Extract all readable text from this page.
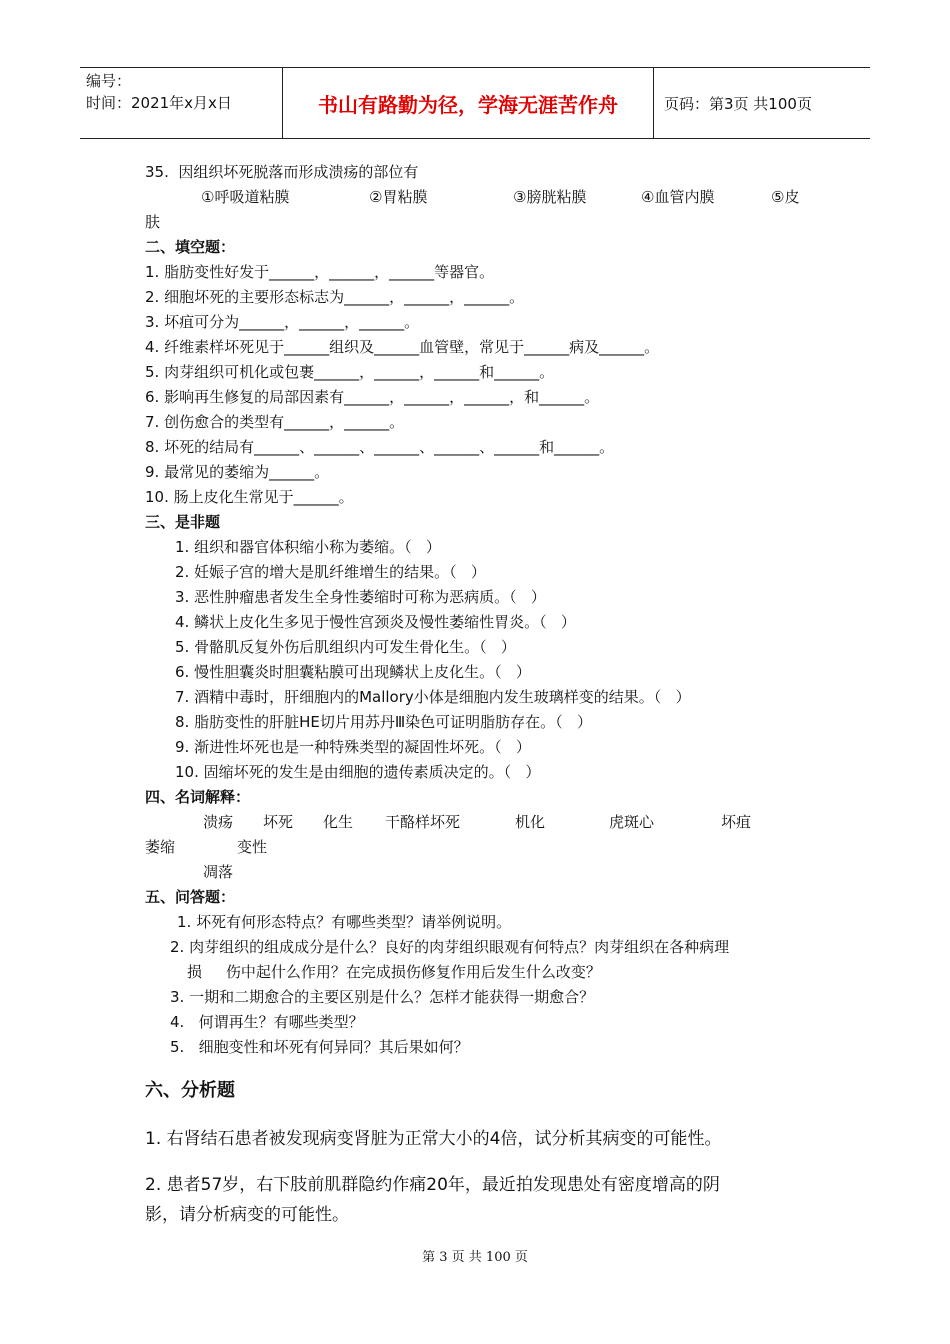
编号：
时间：2021年x月x日	书山有路勤为径，学海无涯苦作舟	页码：第3页 共100页
35.  因组织坏死脱落而形成溃疡的部位有
①呼吸道粘膜	②胃粘膜	③膀胱粘膜	④血管内膜	⑤皮
肤
二、填空题：
1. 脂肪变性好发于______，______，______等器官。
2. 细胞坏死的主要形态标志为______，______，______。
3. 坏疽可分为______，______，______。
4. 纤维素样坏死见于______组织及______血管壁，常见于______病及______。
5. 肉芽组织可机化或包裹______，______，______和______。
6. 影响再生修复的局部因素有______，______，______，和______。
7. 创伤愈合的类型有______，______。
8. 坏死的结局有______、______、______、______、______和______。
9. 最常见的萎缩为______。
10. 肠上皮化生常见于______。
三、是非题
1. 组织和器官体积缩小称为萎缩。（   ）
2. 妊娠子宫的增大是肌纤维增生的结果。（   ）
3. 恶性肿瘤患者发生全身性萎缩时可称为恶病质。（   ）
4. 鳞状上皮化生多见于慢性宫颈炎及慢性萎缩性胃炎。（   ）
5. 骨骼肌反复外伤后肌组织内可发生骨化生。（   ）
6. 慢性胆囊炎时胆囊粘膜可出现鳞状上皮化生。（   ）
7. 酒精中毒时，肝细胞内的Mallory小体是细胞内发生玻璃样变的结果。（   ）
8. 脂肪变性的肝脏HE切片用苏丹Ⅲ染色可证明脂肪存在。（   ）
9. 渐进性坏死也是一种特殊类型的凝固性坏死。（   ）
10. 固缩坏死的发生是由细胞的遗传素质决定的。（   ）
四、名词解释：
溃疡	坏死	化生	干酪样坏死	机化	虎斑心	坏疽
萎缩	变性
凋落
五、问答题：
1. 坏死有何形态特点？有哪些类型？请举例说明。
2. 肉芽组织的组成成分是什么？良好的肉芽组织眼观有何特点？肉芽组织在各种病理
损     伤中起什么作用？在完成损伤修复作用后发生什么改变？
3. 一期和二期愈合的主要区别是什么？怎样才能获得一期愈合？
4.   何谓再生？有哪些类型？
5.   细胞变性和坏死有何异同？其后果如何？
六、分析题
1. 右肾结石患者被发现病变肾脏为正常大小的4倍，试分析其病变的可能性。
2. 患者57岁，右下肢前肌群隐约作痛20年，最近拍发现患处有密度增高的阴
影，请分析病变的可能性。
第 3 页 共 100 页
